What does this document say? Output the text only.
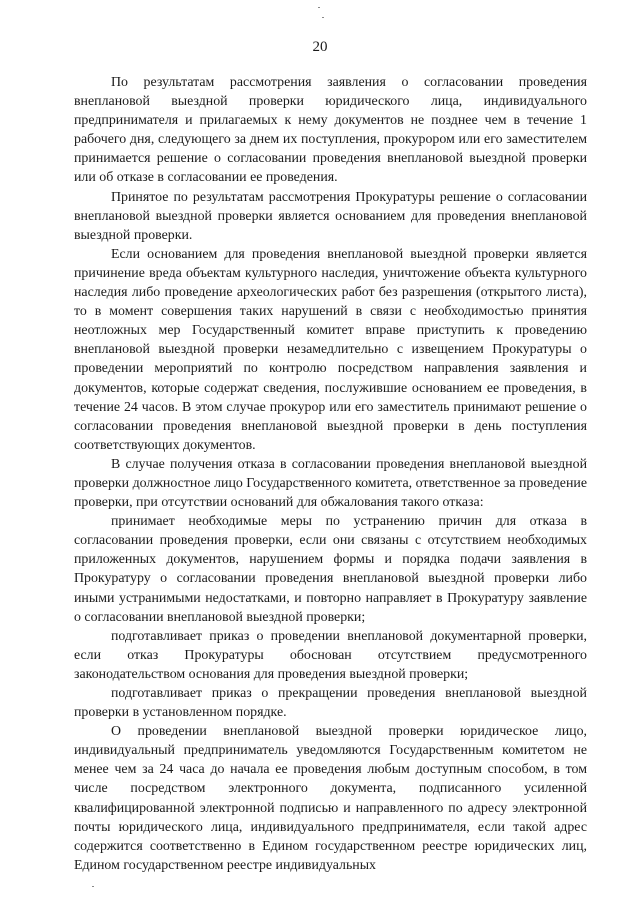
20

По результатам рассмотрения заявления о согласовании проведения внеплановой выездной проверки юридического лица, индивидуального предпринимателя и прилагаемых к нему документов не позднее чем в течение 1 рабочего дня, следующего за днем их поступления, прокурором или его заместителем принимается решение о согласовании проведения внеплановой выездной проверки или об отказе в согласовании ее проведения.

Принятое по результатам рассмотрения Прокуратуры решение о согласовании внеплановой выездной проверки является основанием для проведения внеплановой выездной проверки.

Если основанием для проведения внеплановой выездной проверки является причинение вреда объектам культурного наследия, уничтожение объекта культурного наследия либо проведение археологических работ без разрешения (открытого листа), то в момент совершения таких нарушений в связи с необходимостью принятия неотложных мер Государственный комитет вправе приступить к проведению внеплановой выездной проверки незамедлительно с извещением Прокуратуры о проведении мероприятий по контролю посредством направления заявления и документов, которые содержат сведения, послужившие основанием ее проведения, в течение 24 часов. В этом случае прокурор или его заместитель принимают решение о согласовании проведения внеплановой выездной проверки в день поступления соответствующих документов.

В случае получения отказа в согласовании проведения внеплановой выездной проверки должностное лицо Государственного комитета, ответственное за проведение проверки, при отсутствии оснований для обжалования такого отказа:

принимает необходимые меры по устранению причин для отказа в согласовании проведения проверки, если они связаны с отсутствием необходимых приложенных документов, нарушением формы и порядка подачи заявления в Прокуратуру о согласовании проведения внеплановой выездной проверки либо иными устранимыми недостатками, и повторно направляет в Прокуратуру заявление о согласовании внеплановой выездной проверки;

подготавливает приказ о проведении внеплановой документарной проверки, если отказ Прокуратуры обоснован отсутствием предусмотренного законодательством основания для проведения выездной проверки;

подготавливает приказ о прекращении проведения внеплановой выездной проверки в установленном порядке.

О проведении внеплановой выездной проверки юридическое лицо, индивидуальный предприниматель уведомляются Государственным комитетом не менее чем за 24 часа до начала ее проведения любым доступным способом, в том числе посредством электронного документа, подписанного усиленной квалифицированной электронной подписью и направленного по адресу электронной почты юридического лица, индивидуального предпринимателя, если такой адрес содержится соответственно в Едином государственном реестре юридических лиц, Едином государственном реестре индивидуальных
